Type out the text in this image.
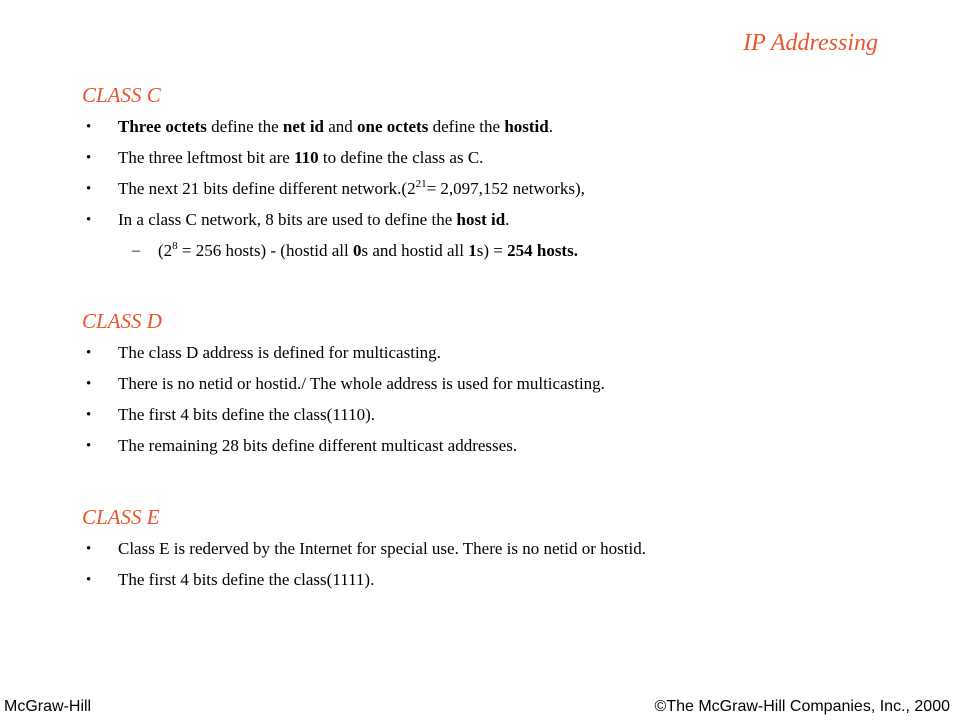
IP Addressing
CLASS C
• Three octets define the net id and one octets define the hostid.
• The three leftmost bit are 110 to define the class as C.
• The next 21 bits define different $network.(2^{21}= 2,097,152$ networks),
• In a class C network, 8 bits are used to define the host id.
– ($2^8 = 256$ hosts) - (hostid all 0s and hostid all 1s) = 254 hosts.
CLASS D
• The class D address is defined for multicasting.
• There is no netid or hostid./ The whole address is used for multicasting.
• The first 4 bits define the class(1110).
• The remaining 28 bits define different multicast addresses.
CLASS E
• Class E is rederved by the Internet for special use. There is no netid or hostid.
• The first 4 bits define the class(1111).
McGraw-Hill	©The McGraw-Hill Companies, Inc., 2000
